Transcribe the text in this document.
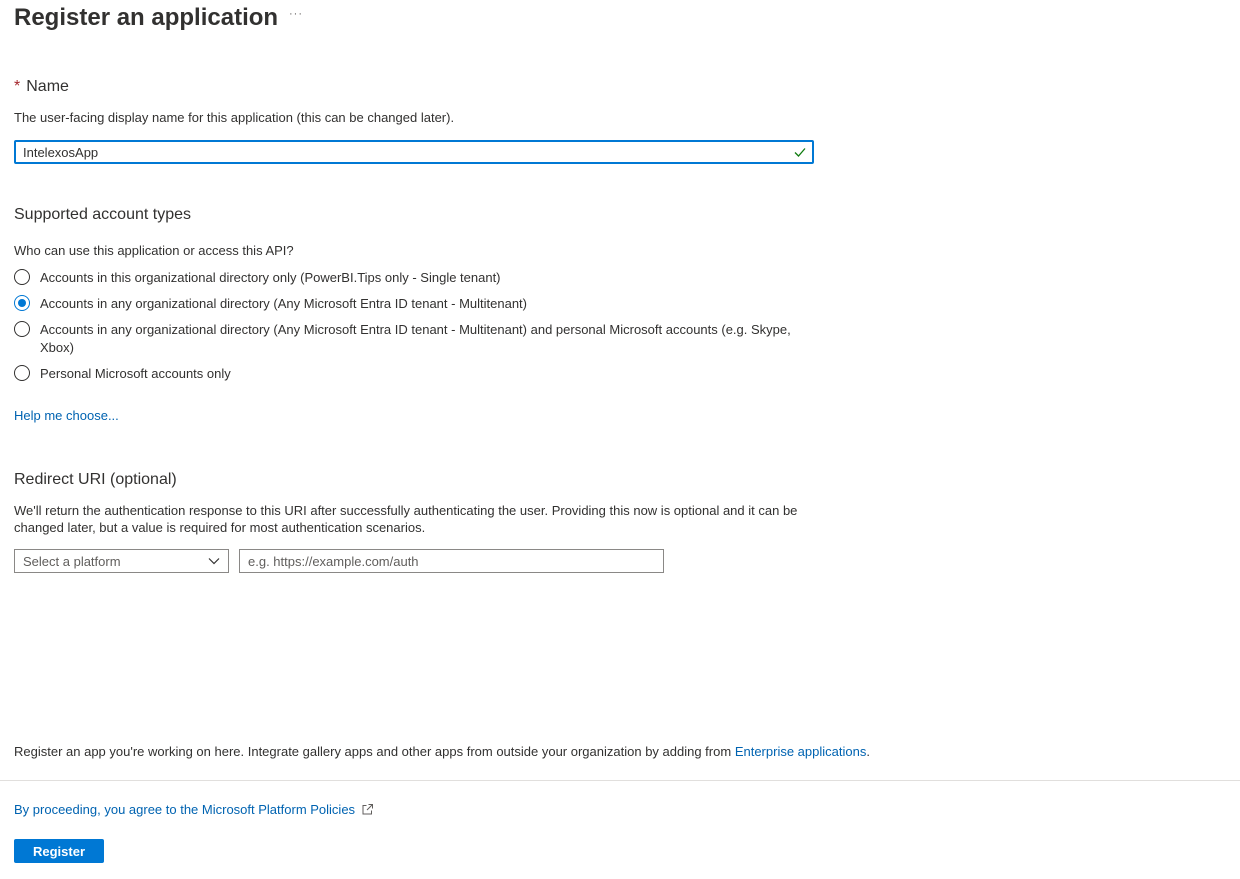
Register an application ···
* Name
The user-facing display name for this application (this can be changed later).
IntelexosApp
Supported account types
Who can use this application or access this API?
Accounts in this organizational directory only (PowerBI.Tips only - Single tenant)
Accounts in any organizational directory (Any Microsoft Entra ID tenant - Multitenant)
Accounts in any organizational directory (Any Microsoft Entra ID tenant - Multitenant) and personal Microsoft accounts (e.g. Skype, Xbox)
Personal Microsoft accounts only
Help me choose...
Redirect URI (optional)
We'll return the authentication response to this URI after successfully authenticating the user. Providing this now is optional and it can be changed later, but a value is required for most authentication scenarios.
Select a platform
e.g. https://example.com/auth
Register an app you're working on here. Integrate gallery apps and other apps from outside your organization by adding from Enterprise applications.
By proceeding, you agree to the Microsoft Platform Policies
Register
